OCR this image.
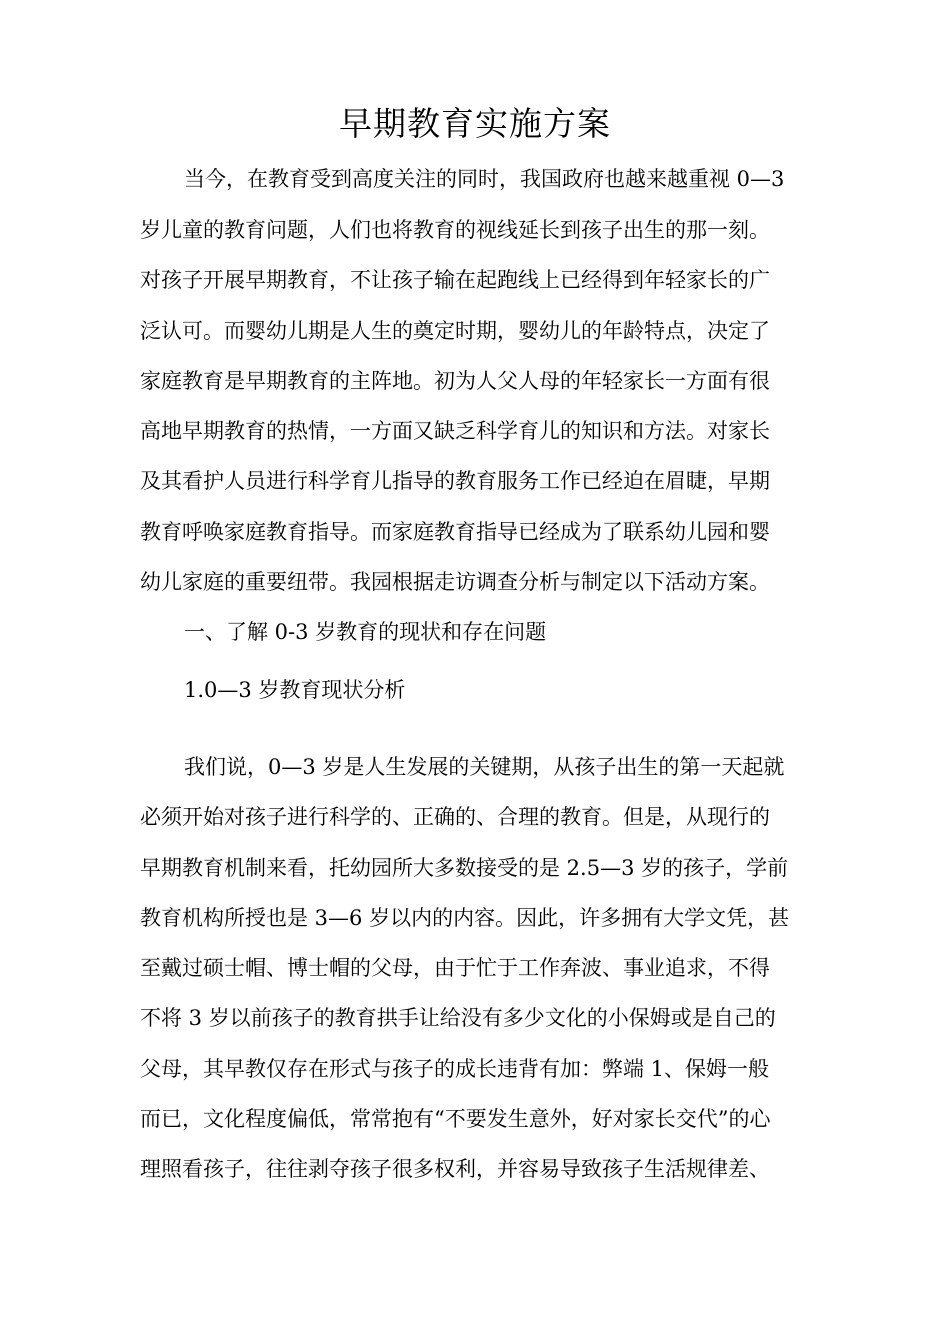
早期教育实施方案

当今，在教育受到高度关注的同时，我国政府也越来越重视 0—3

岁儿童的教育问题，人们也将教育的视线延长到孩子出生的那一刻。

对孩子开展早期教育，不让孩子输在起跑线上已经得到年轻家长的广

泛认可。而婴幼儿期是人生的奠定时期，婴幼儿的年龄特点，决定了

家庭教育是早期教育的主阵地。初为人父人母的年轻家长一方面有很

高地早期教育的热情，一方面又缺乏科学育儿的知识和方法。对家长

及其看护人员进行科学育儿指导的教育服务工作已经迫在眉睫，早期

教育呼唤家庭教育指导。而家庭教育指导已经成为了联系幼儿园和婴

幼儿家庭的重要纽带。我园根据走访调查分析与制定以下活动方案。

一、了解 0-3 岁教育的现状和存在问题

1.0—3 岁教育现状分析

我们说，0—3 岁是人生发展的关键期，从孩子出生的第一天起就

必须开始对孩子进行科学的、正确的、合理的教育。但是，从现行的

早期教育机制来看，托幼园所大多数接受的是 2.5—3 岁的孩子，学前

教育机构所授也是 3—6 岁以内的内容。因此，许多拥有大学文凭，甚

至戴过硕士帽、博士帽的父母，由于忙于工作奔波、事业追求，不得

不将 3 岁以前孩子的教育拱手让给没有多少文化的小保姆或是自己的

父母，其早教仅存在形式与孩子的成长违背有加：弊端 1、保姆一般

而已，文化程度偏低，常常抱有“不要发生意外，好对家长交代”的心

理照看孩子，往往剥夺孩子很多权利，并容易导致孩子生活规律差、
